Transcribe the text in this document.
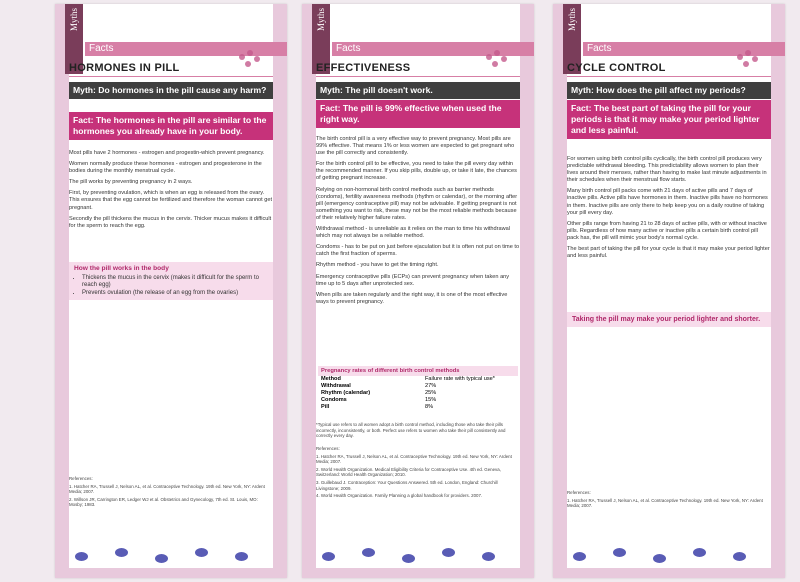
Myths
Facts
HORMONES IN PILL
Myth: Do hormones in the pill cause any harm?
Fact: The hormones in the pill are similar to the hormones you already have in your body.

Most pills have 2 hormones - estrogen and progestin-which prevent pregnancy.

Women normally produce these hormones - estrogen and progesterone in the bodies during the monthly menstrual cycle.

The pill works by preventing pregnancy in 2 ways.

First, by preventing ovulation, which is when an egg is released from the ovary. This ensures that the egg cannot be fertilized and therefore the woman cannot get pregnant.

Secondly the pill thickens the mucus in the cervix. Thicker mucus makes it difficult for the sperm to reach the egg.

How the pill works in the body
• Thickens the mucus in the cervix (makes it difficult for the sperm to reach egg)
• Prevents ovulation (the release of an egg from the ovaries)

References:

1. Hatcher RA, Trussell J, Nelson AL, et al. Contraceptive Technology. 19th ed. New York, NY: Ardent Media; 2007.

2. Willson JR, Carrington ER, Ledger WJ et al. Obstetrics and Gynecology, 7th ed. St. Louis, MO: Mosby; 1983.

Myths
Facts
EFFECTIVENESS
Myth: The pill doesn't work.
Fact: The pill is 99% effective when used the right way.

The birth control pill is a very effective way to prevent pregnancy. Most pills are 99% effective. That means 1% or less women are expected to get pregnant who use the pill correctly and consistently.

For the birth control pill to be effective, you need to take the pill every day within the recommended manner. If you skip pills, double up, or take it late, the chances of getting pregnant increase.

Relying on non-hormonal birth control methods such as barrier methods (condoms), fertility awareness methods (rhythm or calendar), or the morning after pill (emergency contraceptive pill) may not be advisable. If getting pregnant is not something you want to risk, these may not be the most reliable methods because of their relatively higher failure rates.

Withdrawal method - is unreliable as it relies on the man to time his withdrawal which may not always be a reliable method.

Condoms - has to be put on just before ejaculation but it is often not put on time to catch the first fraction of sperms.

Rhythm method - you have to get the timing right.

Emergency contraceptive pills (ECPs) can prevent pregnancy when taken any time up to 5 days after unprotected sex.

When pills are taken regularly and the right way, it is one of the most effective ways to prevent pregnancy.

Pregnancy rates of different birth control methods
Method	Failure rate with typical use*
Withdrawal	27%
Rhythm (calendar)	25%
Condoms	15%
Pill	8%

*Typical use refers to all women adopt a birth control method, including those who take their pills incorrectly, inconsistently, or both. Perfect use refers to women who take their pill consistently and correctly every day.

References:

1. Hatcher RA, Trussell J, Nelson AL, et al. Contraceptive Technology. 19th ed. New York, NY: Ardent Media; 2007.

2. World Health Organization. Medical Eligibility Criteria for Contraceptive Use. 4th ed. Geneva, Switzerland: World Health Organization; 2010.

3. Guillebaud J. Contraception: Your Questions Answered. 5th ed. London, England: Churchill Livingstone; 2009.

4. World Health Organization. Family Planning a global handbook for providers. 2007.

Myths
Facts
CYCLE CONTROL
Myth: How does the pill affect my periods?
Fact: The best part of taking the pill for your periods is that it may make your period lighter and less painful.

For women using birth control pills cyclically, the birth control pill produces very predictable withdrawal bleeding. This predictability allows women to plan their lives around their menses, rather than having to make last minute adjustments in their schedules when their menstrual flow starts.

Many birth control pill packs come with 21 days of active pills and 7 days of inactive pills. Active pills have hormones in them. Inactive pills have no hormones in them. Inactive pills are only there to help keep you on a daily routine of taking your pill every day.

Other pills range from having 21 to 28 days of active pills, with or without inactive pills. Regardless of how many active or inactive pills a certain birth control pill pack has, the pill will mimic your body's normal cycle.

The best part of taking the pill for your cycle is that it may make your period lighter and less painful.

Taking the pill may make your period lighter and shorter.

References:

1. Hatcher RA, Trussell J, Nelson AL, et al. Contraceptive Technology. 19th ed. New York, NY: Ardent Media; 2007.
